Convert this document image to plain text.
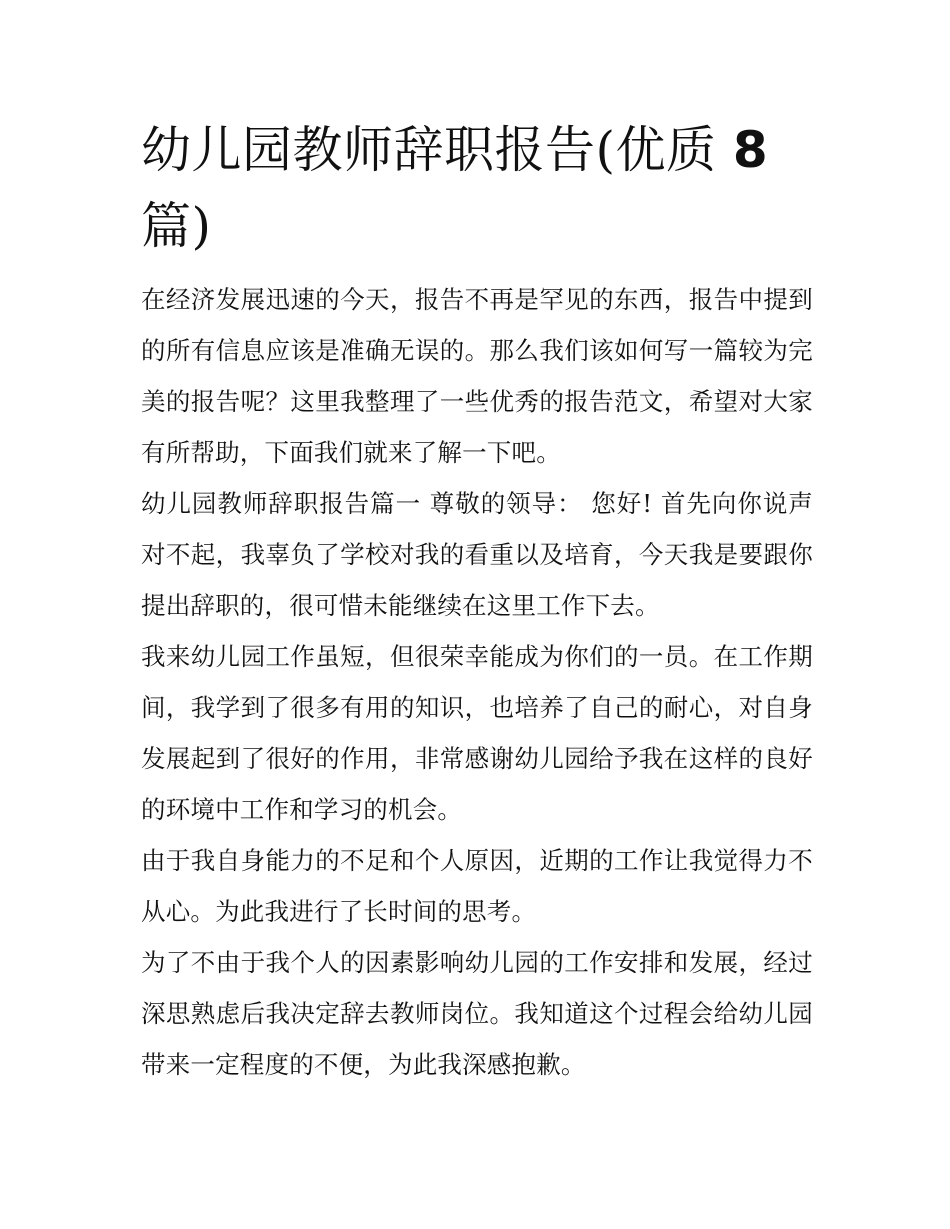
幼儿园教师辞职报告(优质 8
篇)

在经济发展迅速的今天，报告不再是罕见的东西，报告中提到的所有信息应该是准确无误的。那么我们该如何写一篇较为完美的报告呢？这里我整理了一些优秀的报告范文，希望对大家有所帮助，下面我们就来了解一下吧。

幼儿园教师辞职报告篇一 尊敬的领导： 您好! 首先向你说声对不起，我辜负了学校对我的看重以及培育，今天我是要跟你提出辞职的，很可惜未能继续在这里工作下去。

我来幼儿园工作虽短，但很荣幸能成为你们的一员。在工作期间，我学到了很多有用的知识，也培养了自己的耐心，对自身发展起到了很好的作用，非常感谢幼儿园给予我在这样的良好的环境中工作和学习的机会。

由于我自身能力的不足和个人原因，近期的工作让我觉得力不从心。为此我进行了长时间的思考。

为了不由于我个人的因素影响幼儿园的工作安排和发展，经过深思熟虑后我决定辞去教师岗位。我知道这个过程会给幼儿园带来一定程度的不便，为此我深感抱歉。
